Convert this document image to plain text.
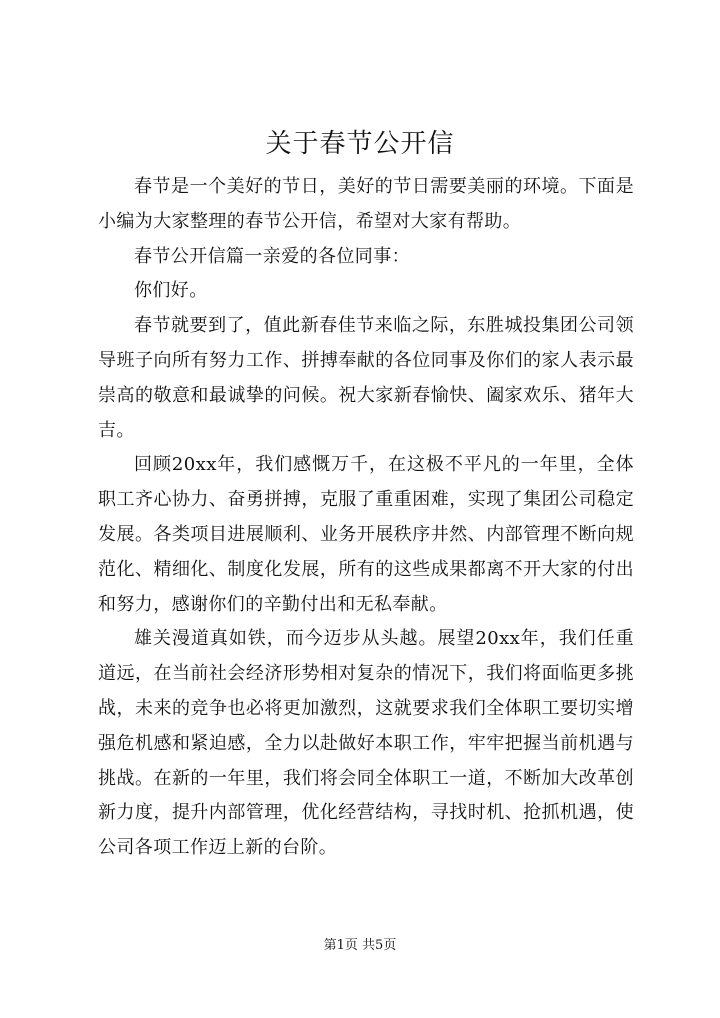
关于春节公开信

春节是一个美好的节日，美好的节日需要美丽的环境。下面是小编为大家整理的春节公开信，希望对大家有帮助。

春节公开信篇一亲爱的各位同事：

你们好。

春节就要到了，值此新春佳节来临之际，东胜城投集团公司领导班子向所有努力工作、拼搏奉献的各位同事及你们的家人表示最崇高的敬意和最诚挚的问候。祝大家新春愉快、阖家欢乐、猪年大吉。

回顾20xx年，我们感慨万千，在这极不平凡的一年里，全体职工齐心协力、奋勇拼搏，克服了重重困难，实现了集团公司稳定发展。各类项目进展顺利、业务开展秩序井然、内部管理不断向规范化、精细化、制度化发展，所有的这些成果都离不开大家的付出和努力，感谢你们的辛勤付出和无私奉献。

雄关漫道真如铁，而今迈步从头越。展望20xx年，我们任重道远，在当前社会经济形势相对复杂的情况下，我们将面临更多挑战，未来的竞争也必将更加激烈，这就要求我们全体职工要切实增强危机感和紧迫感，全力以赴做好本职工作，牢牢把握当前机遇与挑战。在新的一年里，我们将会同全体职工一道，不断加大改革创新力度，提升内部管理，优化经营结构，寻找时机、抢抓机遇，使公司各项工作迈上新的台阶。

第1页 共5页
